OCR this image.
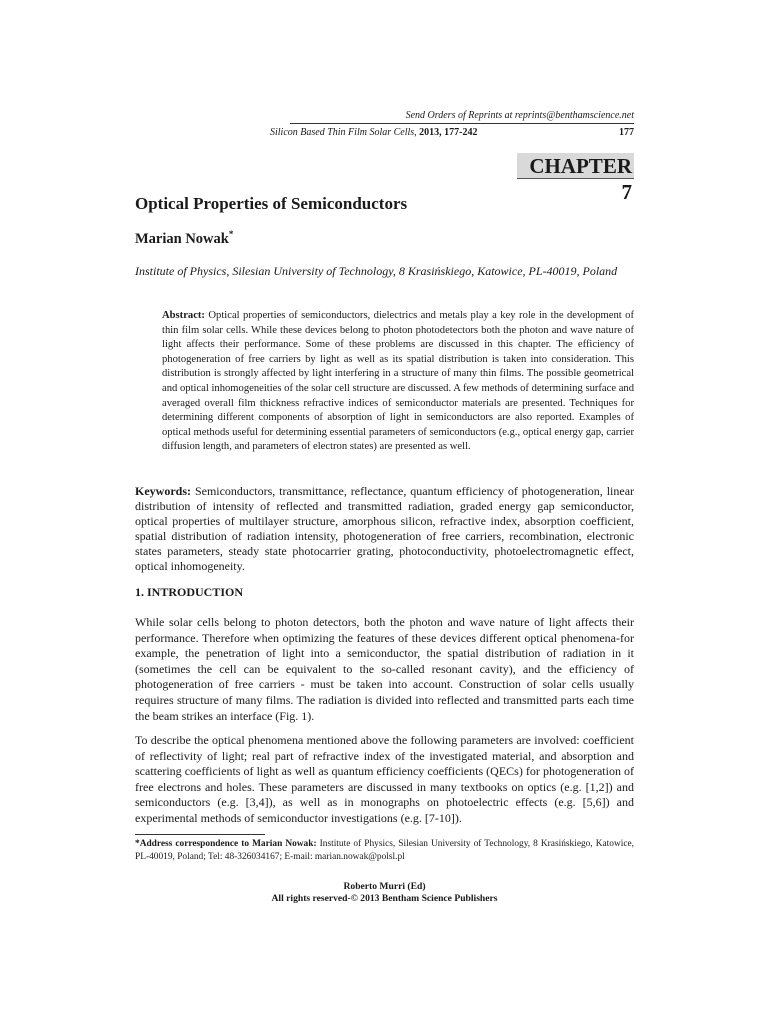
Send Orders of Reprints at reprints@benthamscience.net
Silicon Based Thin Film Solar Cells, 2013, 177-242	177
CHAPTER 7
Optical Properties of Semiconductors
Marian Nowak*
Institute of Physics, Silesian University of Technology, 8 Krasińskiego, Katowice, PL-40019, Poland
Abstract: Optical properties of semiconductors, dielectrics and metals play a key role in the development of thin film solar cells. While these devices belong to photon photodetectors both the photon and wave nature of light affects their performance. Some of these problems are discussed in this chapter. The efficiency of photogeneration of free carriers by light as well as its spatial distribution is taken into consideration. This distribution is strongly affected by light interfering in a structure of many thin films. The possible geometrical and optical inhomogeneities of the solar cell structure are discussed. A few methods of determining surface and averaged overall film thickness refractive indices of semiconductor materials are presented. Techniques for determining different components of absorption of light in semiconductors are also reported. Examples of optical methods useful for determining essential parameters of semiconductors (e.g., optical energy gap, carrier diffusion length, and parameters of electron states) are presented as well.
Keywords: Semiconductors, transmittance, reflectance, quantum efficiency of photogeneration, linear distribution of intensity of reflected and transmitted radiation, graded energy gap semiconductor, optical properties of multilayer structure, amorphous silicon, refractive index, absorption coefficient, spatial distribution of radiation intensity, photogeneration of free carriers, recombination, electronic states parameters, steady state photocarrier grating, photoconductivity, photoelectromagnetic effect, optical inhomogeneity.
1. INTRODUCTION
While solar cells belong to photon detectors, both the photon and wave nature of light affects their performance. Therefore when optimizing the features of these devices different optical phenomena-for example, the penetration of light into a semiconductor, the spatial distribution of radiation in it (sometimes the cell can be equivalent to the so-called resonant cavity), and the efficiency of photogeneration of free carriers - must be taken into account. Construction of solar cells usually requires structure of many films. The radiation is divided into reflected and transmitted parts each time the beam strikes an interface (Fig. 1).
To describe the optical phenomena mentioned above the following parameters are involved: coefficient of reflectivity of light; real part of refractive index of the investigated material, and absorption and scattering coefficients of light as well as quantum efficiency coefficients (QECs) for photogeneration of free electrons and holes. These parameters are discussed in many textbooks on optics (e.g. [1,2]) and semiconductors (e.g. [3,4]), as well as in monographs on photoelectric effects (e.g. [5,6]) and experimental methods of semiconductor investigations (e.g. [7-10]).
*Address correspondence to Marian Nowak: Institute of Physics, Silesian University of Technology, 8 Krasińskiego, Katowice, PL-40019, Poland; Tel: 48-326034167; E-mail: marian.nowak@polsl.pl
Roberto Murri (Ed)
All rights reserved-© 2013 Bentham Science Publishers
